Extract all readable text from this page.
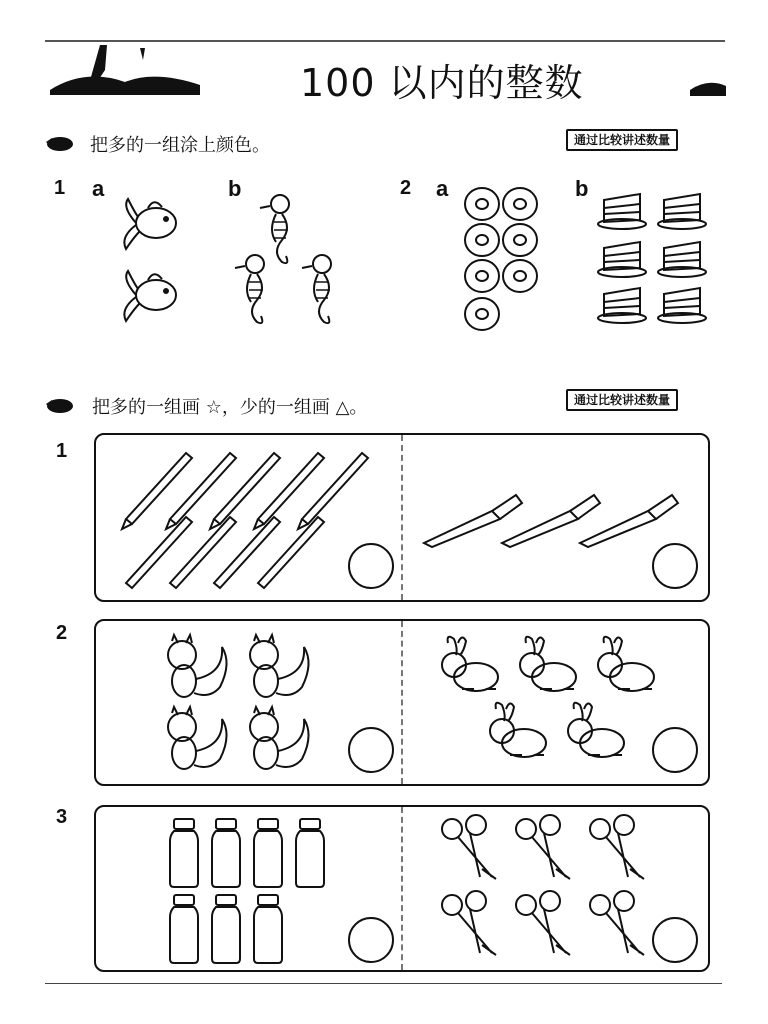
100 以内的整数
把多的一组涂上颜色。	通过比较讲述数量
1 a	b	2 a	b
把多的一组画 ☆，少的一组画 △。	通过比较讲述数量
1
2
3
